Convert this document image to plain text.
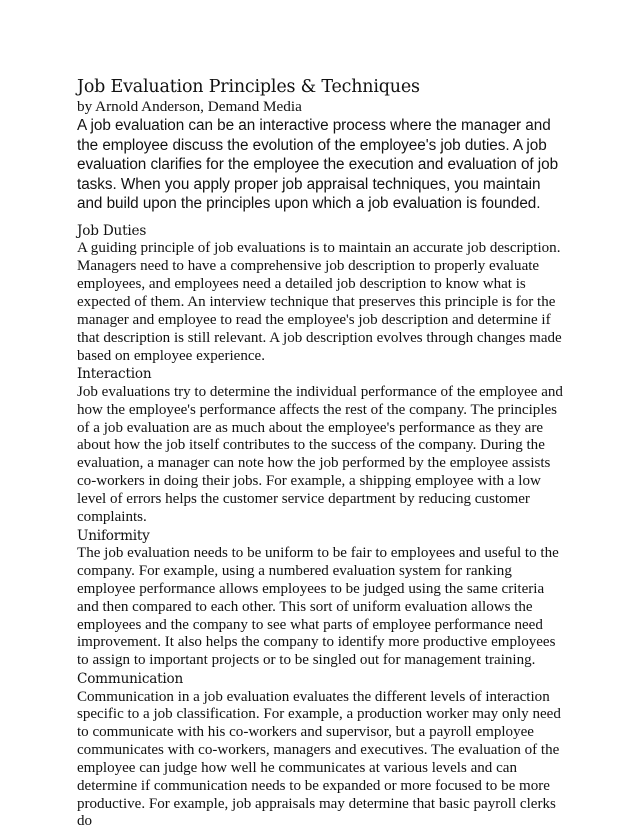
Job Evaluation Principles & Techniques

by Arnold Anderson, Demand Media

A job evaluation can be an interactive process where the manager and the employee discuss the evolution of the employee's job duties. A job evaluation clarifies for the employee the execution and evaluation of job tasks. When you apply proper job appraisal techniques, you maintain and build upon the principles upon which a job evaluation is founded.

Job Duties

A guiding principle of job evaluations is to maintain an accurate job description. Managers need to have a comprehensive job description to properly evaluate employees, and employees need a detailed job description to know what is expected of them. An interview technique that preserves this principle is for the manager and employee to read the employee's job description and determine if that description is still relevant. A job description evolves through changes made based on employee experience.

Interaction

Job evaluations try to determine the individual performance of the employee and how the employee's performance affects the rest of the company. The principles of a job evaluation are as much about the employee's performance as they are about how the job itself contributes to the success of the company. During the evaluation, a manager can note how the job performed by the employee assists co-workers in doing their jobs. For example, a shipping employee with a low level of errors helps the customer service department by reducing customer complaints.

Uniformity

The job evaluation needs to be uniform to be fair to employees and useful to the company. For example, using a numbered evaluation system for ranking employee performance allows employees to be judged using the same criteria and then compared to each other. This sort of uniform evaluation allows the employees and the company to see what parts of employee performance need improvement. It also helps the company to identify more productive employees to assign to important projects or to be singled out for management training.

Communication

Communication in a job evaluation evaluates the different levels of interaction specific to a job classification. For example, a production worker may only need to communicate with his co-workers and supervisor, but a payroll employee communicates with co-workers, managers and executives. The evaluation of the employee can judge how well he communicates at various levels and can determine if communication needs to be expanded or more focused to be more productive. For example, job appraisals may determine that basic payroll clerks do
